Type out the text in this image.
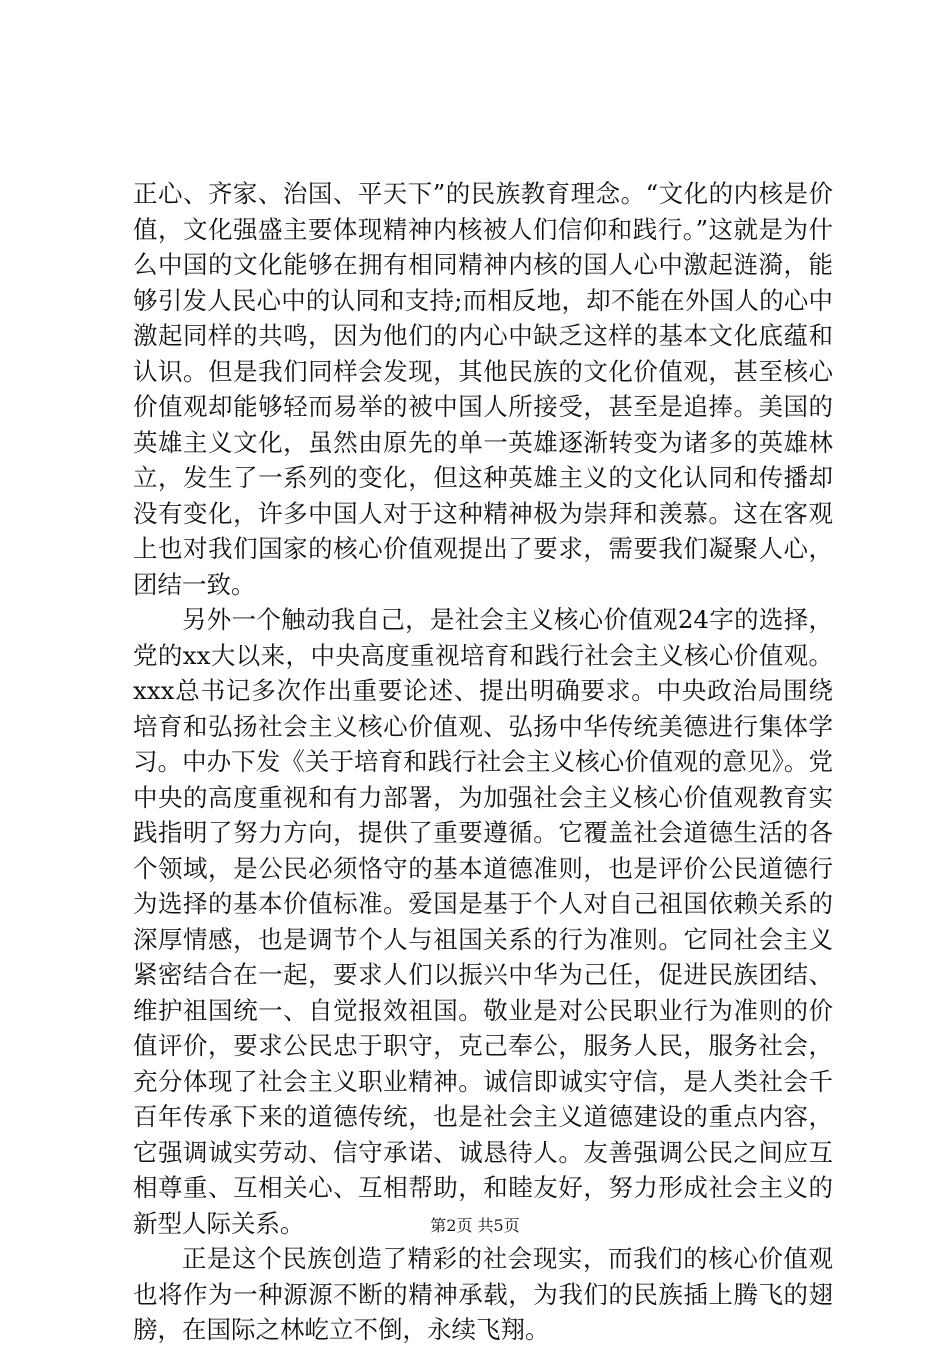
正心、齐家、治国、平天下”的民族教育理念。“文化的内核是价值，文化强盛主要体现精神内核被人们信仰和践行。”这就是为什么中国的文化能够在拥有相同精神内核的国人心中激起涟漪，能够引发人民心中的认同和支持;而相反地，却不能在外国人的心中激起同样的共鸣，因为他们的内心中缺乏这样的基本文化底蕴和认识。但是我们同样会发现，其他民族的文化价值观，甚至核心价值观却能够轻而易举的被中国人所接受，甚至是追捧。美国的英雄主义文化，虽然由原先的单一英雄逐渐转变为诸多的英雄林立，发生了一系列的变化，但这种英雄主义的文化认同和传播却没有变化，许多中国人对于这种精神极为崇拜和羡慕。这在客观上也对我们国家的核心价值观提出了要求，需要我们凝聚人心，团结一致。

另外一个触动我自己，是社会主义核心价值观24字的选择，党的xx大以来，中央高度重视培育和践行社会主义核心价值观。xxx总书记多次作出重要论述、提出明确要求。中央政治局围绕培育和弘扬社会主义核心价值观、弘扬中华传统美德进行集体学习。中办下发《关于培育和践行社会主义核心价值观的意见》。党中央的高度重视和有力部署，为加强社会主义核心价值观教育实践指明了努力方向，提供了重要遵循。它覆盖社会道德生活的各个领域，是公民必须恪守的基本道德准则，也是评价公民道德行为选择的基本价值标准。爱国是基于个人对自己祖国依赖关系的深厚情感，也是调节个人与祖国关系的行为准则。它同社会主义紧密结合在一起，要求人们以振兴中华为己任，促进民族团结、维护祖国统一、自觉报效祖国。敬业是对公民职业行为准则的价值评价，要求公民忠于职守，克己奉公，服务人民，服务社会，充分体现了社会主义职业精神。诚信即诚实守信，是人类社会千百年传承下来的道德传统，也是社会主义道德建设的重点内容，它强调诚实劳动、信守承诺、诚恳待人。友善强调公民之间应互相尊重、互相关心、互相帮助，和睦友好，努力形成社会主义的新型人际关系。

正是这个民族创造了精彩的社会现实，而我们的核心价值观也将作为一种源源不断的精神承载，为我们的民族插上腾飞的翅膀，在国际之林屹立不倒，永续飞翔。

第2页 共5页
